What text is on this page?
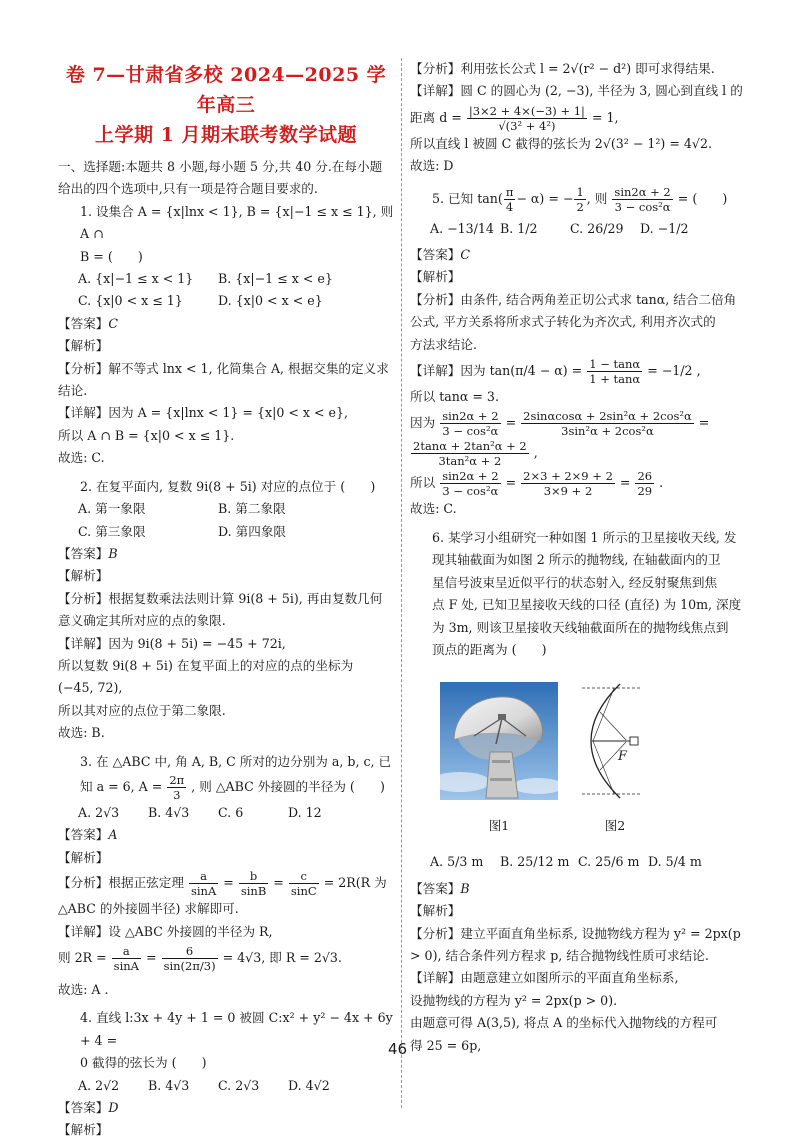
卷 7—甘肃省多校 2024—2025 学年高三
上学期 1 月期末联考数学试题

一、选择题:本题共 8 小题,每小题 5 分,共 40 分.在每小题

给出的四个选项中,只有一项是符合题目要求的.

1. 设集合 A = {x|lnx < 1}, B = {x|−1 ≤ x ≤ 1}, 则 A ∩

B = (　　)

A. {x|−1 ≤ x < 1}	B. {x|−1 ≤ x < e}
C. {x|0 < x ≤ 1}	D. {x|0 < x < e}

【答案】C

【解析】

【分析】解不等式 lnx < 1, 化简集合 A, 根据交集的定义求

结论.

【详解】因为 A = {x|lnx < 1} = {x|0 < x < e},

所以 A ∩ B = {x|0 < x ≤ 1}.

故选: C.

2. 在复平面内, 复数 9i(8 + 5i) 对应的点位于 (　　)

A. 第一象限	B. 第二象限
C. 第三象限	D. 第四象限

【答案】B

【解析】

【分析】根据复数乘法法则计算 9i(8 + 5i), 再由复数几何

意义确定其所对应的点的象限.

【详解】因为 9i(8 + 5i) = −45 + 72i,

所以复数 9i(8 + 5i) 在复平面上的对应的点的坐标为

(−45, 72),

所以其对应的点位于第二象限.

故选: B.

3. 在 △ABC 中, 角 A, B, C 所对的边分别为 a, b, c, 已

知 a = 6, $A = \frac{2\pi}{3}$ , 则 △ABC 外接圆的半径为 (　　)

A. 2√3	B. 4√3	C. 6	D. 12

【答案】A

【解析】

【分析】根据正弦定理 $\frac{a}{\sin A} = \frac{b}{\sin B} = \frac{c}{\sin C} = 2R(R$ 为

△ABC 的外接圆半径) 求解即可.

【详解】设 △ABC 外接圆的半径为 R,

则 $2R = \frac{a}{\sin A} = \frac{6}{\sin(2\pi/3)} = 4√3$, 即 R = 2√3.

故选: A .

4. 直线 l:3x + 4y + 1 = 0 被圆 C:x² + y² − 4x + 6y + 4 =

0 截得的弦长为 (　　)

A. 2√2	B. 4√3	C. 2√3	D. 4√2

【答案】D

【解析】

【分析】利用弦长公式 l = 2√(r² − d²) 即可求得结果.

【详解】圆 C 的圆心为 (2, −3), 半径为 3, 圆心到直线 l 的

距离 $d = \frac{|3\times 2 + 4\times(-3) + 1|}{\text{√(3² + 4²)}} = 1$,

所以直线 l 被圆 C 截得的弦长为 2√(3² − 1²) = 4√2.

故选: D

5. 已知 $\tan( \frac{\pi}{4} - \alpha)$ = − $\frac{1}{2}$ , 则 $\frac{\sin 2\alpha + 2}{\text{3 − cos²α}}$ = (　　)

A. −13/14 B. 1/2	C. 26/29	D. −1/2

【答案】C

【解析】

【分析】由条件, 结合两角差正切公式求 tanα, 结合二倍角

公式, 平方关系将所求式子转化为齐次式, 利用齐次式的

方法求结论.

【详解】因为 $\tan(\pi/4 - \alpha) = \frac{1 - \tan\alpha}{1 + \tan\alpha} = -1/2$ ,

所以 tanα = 3.

因为 $\frac{\sin 2\alpha + 2}{\text{3 − cos²α}} = \frac{\text{2sinαcosα + 2sin²α + 2cos²α}}{\text{3sin²α + 2cos²α}}$ =

$\frac{\text{2tanα + 2tan²α + 2}}{\text{3tan²α + 2}}$ ,

所以 $\frac{\sin 2\alpha + 2}{\text{3 − cos²α}} = \frac{2\times 3 + 2\times 9 + 2}{3\times 9 + 2} = \frac{26}{29}$ .

故选: C.

6. 某学习小组研究一种如图 1 所示的卫星接收天线, 发

现其轴截面为如图 2 所示的抛物线, 在轴截面内的卫

星信号波束呈近似平行的状态射入, 经反射聚焦到焦

点 F 处, 已知卫星接收天线的口径 (直径) 为 10m, 深度

为 3m, 则该卫星接收天线轴截面所在的抛物线焦点到

顶点的距离为 (　　)

图1
F
图2
A. 5/3 m	B. 25/12 m C. 25/6 m D. 5/4 m

【答案】B

【解析】

【分析】建立平面直角坐标系, 设抛物线方程为 y² = 2px(p

> 0), 结合条件列方程求 p, 结合抛物线性质可求结论.

【详解】由题意建立如图所示的平面直角坐标系,

设抛物线的方程为 y² = 2px(p > 0).

由题意可得 A(3,5), 将点 A 的坐标代入抛物线的方程可

得 25 = 6p,

46
